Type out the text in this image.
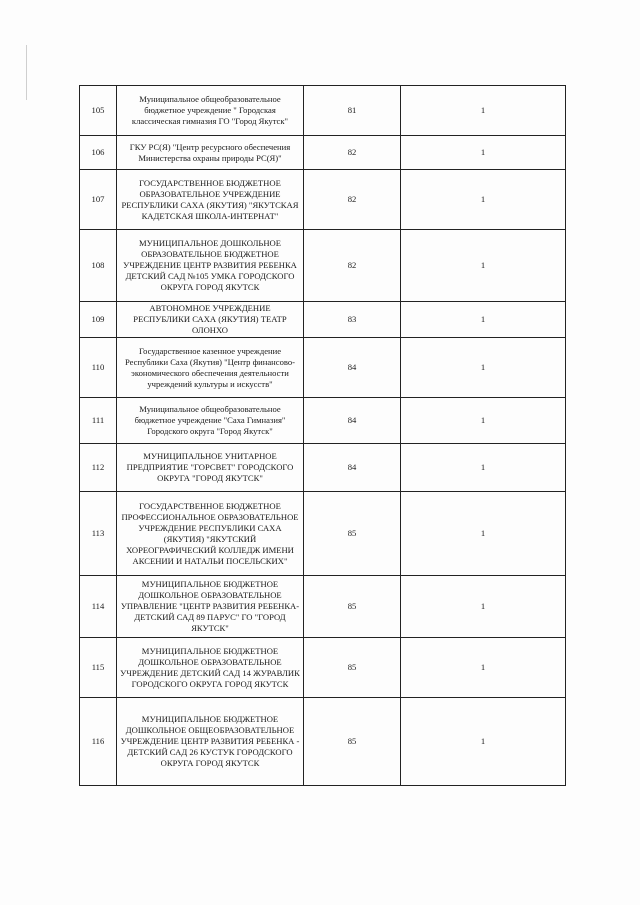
105	Муниципальное общеобразовательное бюджетное учреждение " Городская классическая гимназия ГО "Город Якутск"	81	1
106	ГКУ РС(Я) "Центр ресурсного обеспечения Министерства охраны природы РС(Я)"	82	1
107	ГОСУДАРСТВЕННОЕ БЮДЖЕТНОЕ ОБРАЗОВАТЕЛЬНОЕ УЧРЕЖДЕНИЕ РЕСПУБЛИКИ САХА (ЯКУТИЯ) "ЯКУТСКАЯ КАДЕТСКАЯ ШКОЛА-ИНТЕРНАТ"	82	1
108	МУНИЦИПАЛЬНОЕ ДОШКОЛЬНОЕ ОБРАЗОВАТЕЛЬНОЕ БЮДЖЕТНОЕ УЧРЕЖДЕНИЕ ЦЕНТР РАЗВИТИЯ РЕБЕНКА ДЕТСКИЙ САД №105 УМКА ГОРОДСКОГО ОКРУГА ГОРОД ЯКУТСК	82	1
109	АВТОНОМНОЕ УЧРЕЖДЕНИЕ РЕСПУБЛИКИ САХА (ЯКУТИЯ) ТЕАТР ОЛОНХО	83	1
110	Государственное казенное учреждение Республики Саха (Якутия) "Центр финансово-экономического обеспечения деятельности учреждений культуры и искусств"	84	1
111	Муниципальное общеобразовательное бюджетное учреждение "Саха Гимназия" Городского округа "Город Якутск"	84	1
112	МУНИЦИПАЛЬНОЕ УНИТАРНОЕ ПРЕДПРИЯТИЕ "ГОРСВЕТ" ГОРОДСКОГО ОКРУГА "ГОРОД ЯКУТСК"	84	1
113	ГОСУДАРСТВЕННОЕ БЮДЖЕТНОЕ ПРОФЕССИОНАЛЬНОЕ ОБРАЗОВАТЕЛЬНОЕ УЧРЕЖДЕНИЕ РЕСПУБЛИКИ САХА (ЯКУТИЯ) "ЯКУТСКИЙ ХОРЕОГРАФИЧЕСКИЙ КОЛЛЕДЖ ИМЕНИ АКСЕНИИ И НАТАЛЬИ ПОСЕЛЬСКИХ"	85	1
114	МУНИЦИПАЛЬНОЕ БЮДЖЕТНОЕ ДОШКОЛЬНОЕ ОБРАЗОВАТЕЛЬНОЕ УПРАВЛЕНИЕ "ЦЕНТР РАЗВИТИЯ РЕБЕНКА-ДЕТСКИЙ САД 89 ПАРУС" ГО "ГОРОД ЯКУТСК"	85	1
115	МУНИЦИПАЛЬНОЕ БЮДЖЕТНОЕ ДОШКОЛЬНОЕ ОБРАЗОВАТЕЛЬНОЕ УЧРЕЖДЕНИЕ ДЕТСКИЙ САД 14 ЖУРАВЛИК ГОРОДСКОГО ОКРУГА ГОРОД ЯКУТСК	85	1
116	МУНИЦИПАЛЬНОЕ БЮДЖЕТНОЕ ДОШКОЛЬНОЕ ОБЩЕОБРАЗОВАТЕЛЬНОЕ УЧРЕЖДЕНИЕ ЦЕНТР РАЗВИТИЯ РЕБЕНКА - ДЕТСКИЙ САД 26 КУСТУК ГОРОДСКОГО ОКРУГА ГОРОД ЯКУТСК	85	1
